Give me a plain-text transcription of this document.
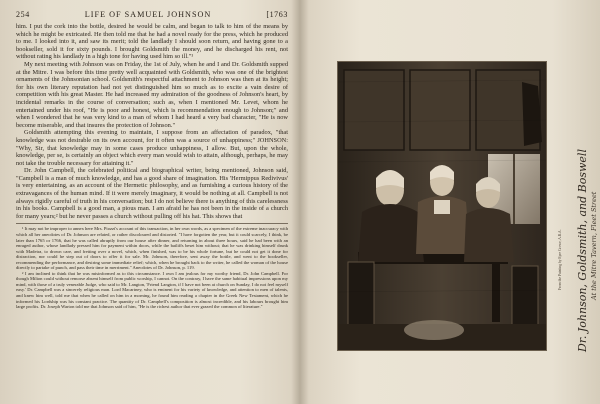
254	LIFE OF SAMUEL JOHNSON	[1763

him. I put the cork into the bottle, desired he would be calm, and began to talk to him of the means by which he might be extricated. He then told me that he had a novel ready for the press, which he produced to me. I looked into it, and saw its merit; told the landlady I should soon return, and having gone to a bookseller, sold it for sixty pounds. I brought Goldsmith the money, and he discharged his rent, not without rating his landlady in a high tone for having used him so ill."¹

My next meeting with Johnson was on Friday, the 1st of July, when he and I and Dr. Goldsmith supped at the Mitre. I was before this time pretty well acquainted with Goldsmith, who was one of the brightest ornaments of the Johnsonian school. Goldsmith's respectful attachment to Johnson was then at its height; for his own literary reputation had not yet distinguished him so much as to excite a vain desire of competition with his great Master. He had increased my admiration of the goodness of Johnson's heart, by incidental remarks in the course of conversation; such as, when I mentioned Mr. Levet, whom he entertained under his roof, "He is poor and honest, which is recommendation enough to Johnson;" and when I wondered that he was very kind to a man of whom I had heard a very bad character, "He is now become miserable, and that insures the protection of Johnson."

Goldsmith attempting this evening to maintain, I suppose from an affectation of paradox, "that knowledge was not desirable on its own account, for it often was a source of unhappiness;" JOHNSON: "Why, Sir, that knowledge may in some cases produce unhappiness, I allow. But, upon the whole, knowledge, per se, is certainly an object which every man would wish to attain, although, perhaps, he may not take the trouble necessary for attaining it."

Dr. John Campbell, the celebrated political and biographical writer, being mentioned, Johnson said, "Campbell is a man of much knowledge, and has a good share of imagination. His 'Hermippus Redivivus' is very entertaining, as an account of the Hermetic philosophy, and as furnishing a curious history of the extravagances of the human mind. If it were merely imaginary, it would be nothing at all. Campbell is not always rigidly careful of truth in his conversation; but I do not believe there is anything of this carelessness in his books. Campbell is a good man, a pious man. I am afraid he has not been in the inside of a church for many years;² but he never passes a church without pulling off his hat. This shows that

¹ It may not be improper to annex here Mrs. Piozzi's account of this transaction, in her own words, as a specimen of the extreme inaccuracy with which all her anecdotes of Dr. Johnson are related, or rather discoloured and distorted. "I have forgotten the year, but it could scarcely, I think, be later than 1765 or 1766, that he was called abruptly from our house after dinner, and returning in about three hours, said he had been with an enraged author, whose landlady pressed him for payment within doors, while the bailiffs beset him without; that he was drinking himself drunk with Madeira, to drown care, and fretting over a novel, which, when finished, was to be his whole fortune, but he could not get it done for distraction, nor could he step out of doors to offer it for sale. Mr. Johnson, therefore, sent away the bottle, and went to the bookseller, recommending the performance, and desiring some immediate relief; which, when he brought back to the writer, he called the woman of the house directly to partake of punch, and pass their time in merriment." Anecdotes of Dr. Johnson, p. 119.

² I am inclined to think that he was misinformed as to this circumstance. I own I am jealous for my worthy friend, Dr. John Campbell. For though Milton could without remorse absent himself from public worship, I cannot. On the contrary, I have the same habitual impressions upon my mind, with those of a truly venerable Judge, who said to Mr. Langton, 'Friend Langton, if I have not been at church on Sunday, I do not feel myself easy.' Dr. Campbell was a sincerely religious man. Lord Macartney, who is eminent for his variety of knowledge, and attention to men of talents, and knew him well, told me that when he called on him in a morning, he found him reading a chapter in the Greek New Testament, which he informed his Lordship was his constant practice. The quantity of Dr. Campbell's composition is almost incredible, and his labours brought him large profits. Dr. Joseph Warton told me that Johnson said of him, "He is the richest author that ever grazed the common of literature."	Dr. Johnson, Goldsmith, and Boswell At the Mitre Tavern, Fleet Street
From the Painting by Eyre Crowe, A.R.A.
